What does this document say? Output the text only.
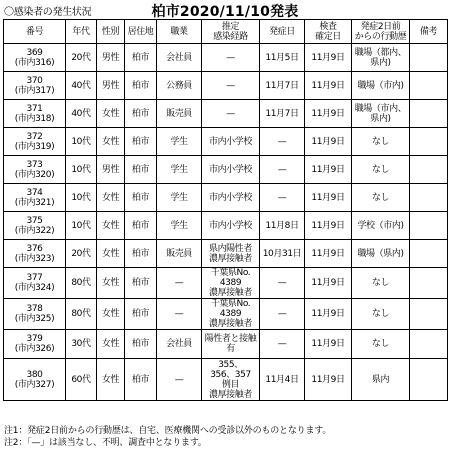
〇感染者の発生状況	柏市2020/11/10発表
番号	年代	性別	居住地	職業	推定
感染経路	発症日	検査
確定日	発症2日前
からの行動歴	備考
369
(市内316)	20代	男性	柏市	会社員	—	11月5日	11月9日	職場（都内、
県内)	
370
(市内317)	40代	男性	柏市	公務員	—	11月7日	11月9日	職場（市内)	
371
(市内318)	40代	女性	柏市	販売員	—	11月7日	11月9日	職場（市内、
県内)	
372
(市内319)	10代	女性	柏市	学生	市内小学校	—	11月9日	なし	
373
(市内320)	10代	男性	柏市	学生	市内小学校	—	11月9日	なし	
374
(市内321)	10代	女性	柏市	学生	市内小学校	—	11月9日	なし	
375
(市内322)	10代	女性	柏市	学生	市内小学校	11月8日	11月9日	学校（市内)	
376
(市内323)	20代	女性	柏市	販売員	県内陽性者
濃厚接触者	10月31日	11月9日	職場（県内)	
377
(市内324)	80代	女性	柏市	—	千葉県No.
4389
濃厚接触者	—	11月9日	なし	
378
(市内325)	80代	女性	柏市	—	千葉県No.
4389
濃厚接触者	—	11月9日	なし	
379
(市内326)	30代	女性	柏市	会社員	陽性者と接触
有	—	11月9日	なし	
380
(市内327)	60代	女性	柏市	—	355、
356、357
例目
濃厚接触者	11月4日	11月9日	県内	
注1：発症2日前からの行動歴は、自宅、医療機関への受診以外のものとなります。
注2：「—」は該当なし、不明、調査中となります。
